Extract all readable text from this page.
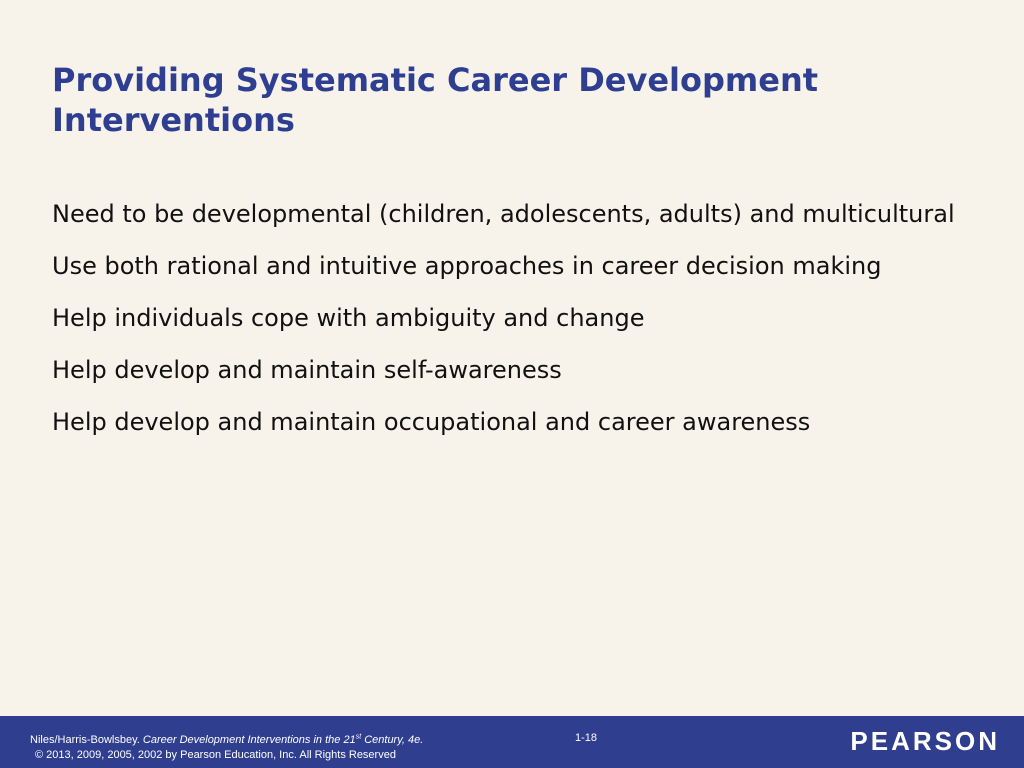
Providing Systematic Career Development Interventions
Need to be developmental (children, adolescents, adults) and multicultural
Use both rational and intuitive approaches in career decision making
Help individuals cope with ambiguity and change
Help develop and maintain self-awareness
Help develop and maintain occupational and career awareness
Niles/Harris-Bowlsbey. Career Development Interventions in the 21st Century, 4e.
© 2013, 2009, 2005, 2002 by Pearson Education, Inc. All Rights Reserved
1-18	PEARSON
